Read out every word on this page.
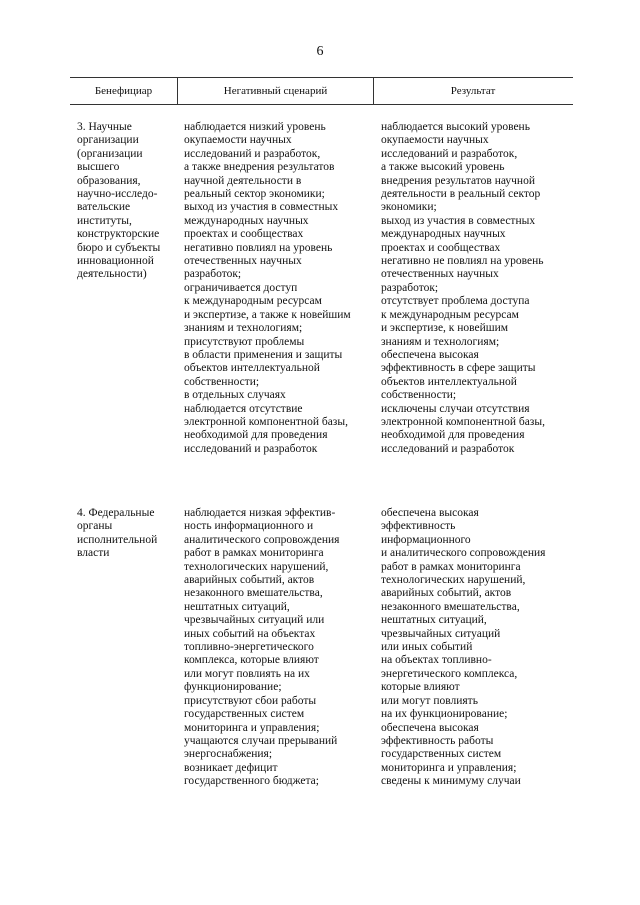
6
Бенефициар	Негативный сценарий	Результат
3. Научные
организации
(организации
высшего
образования,
научно-исследо-
вательские
институты,
конструкторские
бюро и субъекты
инновационной
деятельности)
наблюдается низкий уровень
окупаемости научных
исследований и разработок,
а также внедрения результатов
научной деятельности в
реальный сектор экономики;
выход из участия в совместных
международных научных
проектах и сообществах
негативно повлиял на уровень
отечественных научных
разработок;
ограничивается доступ
к международным ресурсам
и экспертизе, а также к новейшим
знаниям и технологиям;
присутствуют проблемы
в области применения и защиты
объектов интеллектуальной
собственности;
в отдельных случаях
наблюдается отсутствие
электронной компонентной базы,
необходимой для проведения
исследований и разработок
наблюдается высокий уровень
окупаемости научных
исследований и разработок,
а также высокий уровень
внедрения результатов научной
деятельности в реальный сектор
экономики;
выход из участия в совместных
международных научных
проектах и сообществах
негативно не повлиял на уровень
отечественных научных
разработок;
отсутствует проблема доступа
к международным ресурсам
и экспертизе, к новейшим
знаниям и технологиям;
обеспечена высокая
эффективность в сфере защиты
объектов интеллектуальной
собственности;
исключены случаи отсутствия
электронной компонентной базы,
необходимой для проведения
исследований и разработок
4. Федеральные
органы
исполнительной
власти
наблюдается низкая эффектив-
ность информационного и
аналитического сопровождения
работ в рамках мониторинга
технологических нарушений,
аварийных событий, актов
незаконного вмешательства,
нештатных ситуаций,
чрезвычайных ситуаций или
иных событий на объектах
топливно-энергетического
комплекса, которые влияют
или могут повлиять на их
функционирование;
присутствуют сбои работы
государственных систем
мониторинга и управления;
учащаются случаи прерываний
энергоснабжения;
возникает дефицит
государственного бюджета;
обеспечена высокая
эффективность
информационного
и аналитического сопровождения
работ в рамках мониторинга
технологических нарушений,
аварийных событий, актов
незаконного вмешательства,
нештатных ситуаций,
чрезвычайных ситуаций
или иных событий
на объектах топливно-
энергетического комплекса,
которые влияют
или могут повлиять
на их функционирование;
обеспечена высокая
эффективность работы
государственных систем
мониторинга и управления;
сведены к минимуму случаи
